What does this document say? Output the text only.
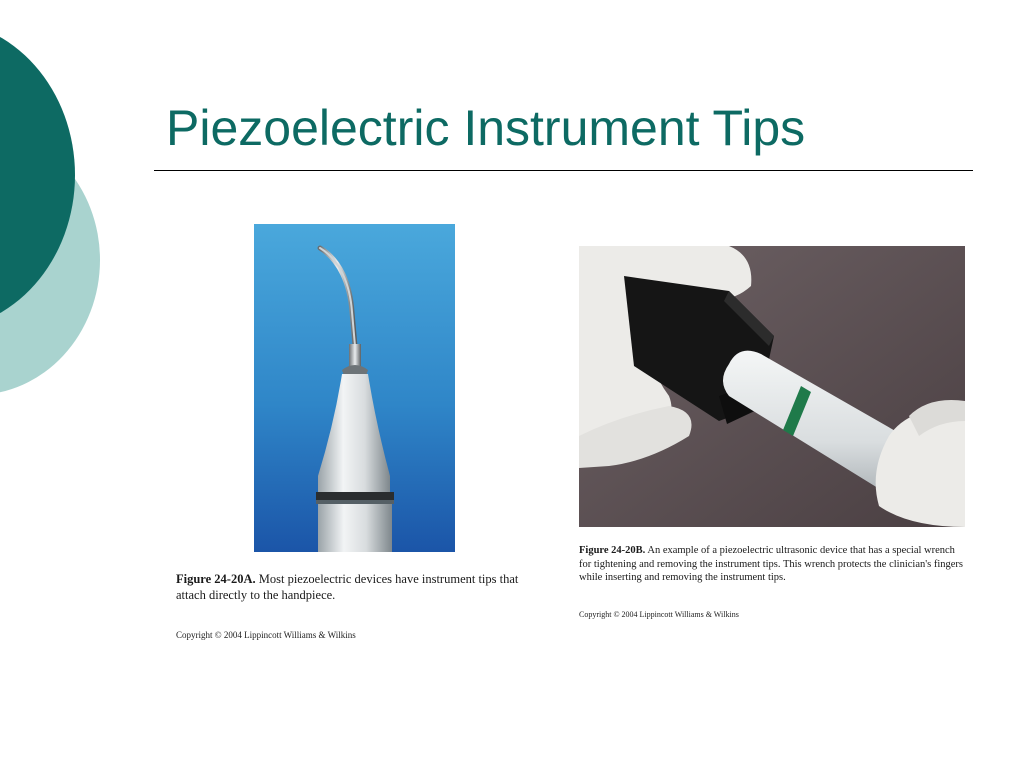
Piezoelectric Instrument Tips

Figure 24-20A. Most piezoelectric devices have instrument tips that attach directly to the handpiece.

Copyright © 2004 Lippincott Williams & Wilkins

Figure 24-20B. An example of a piezoelectric ultrasonic device that has a special wrench for tightening and removing the instrument tips. This wrench protects the clinician's fingers while inserting and removing the instrument tips.

Copyright © 2004 Lippincott Williams & Wilkins
